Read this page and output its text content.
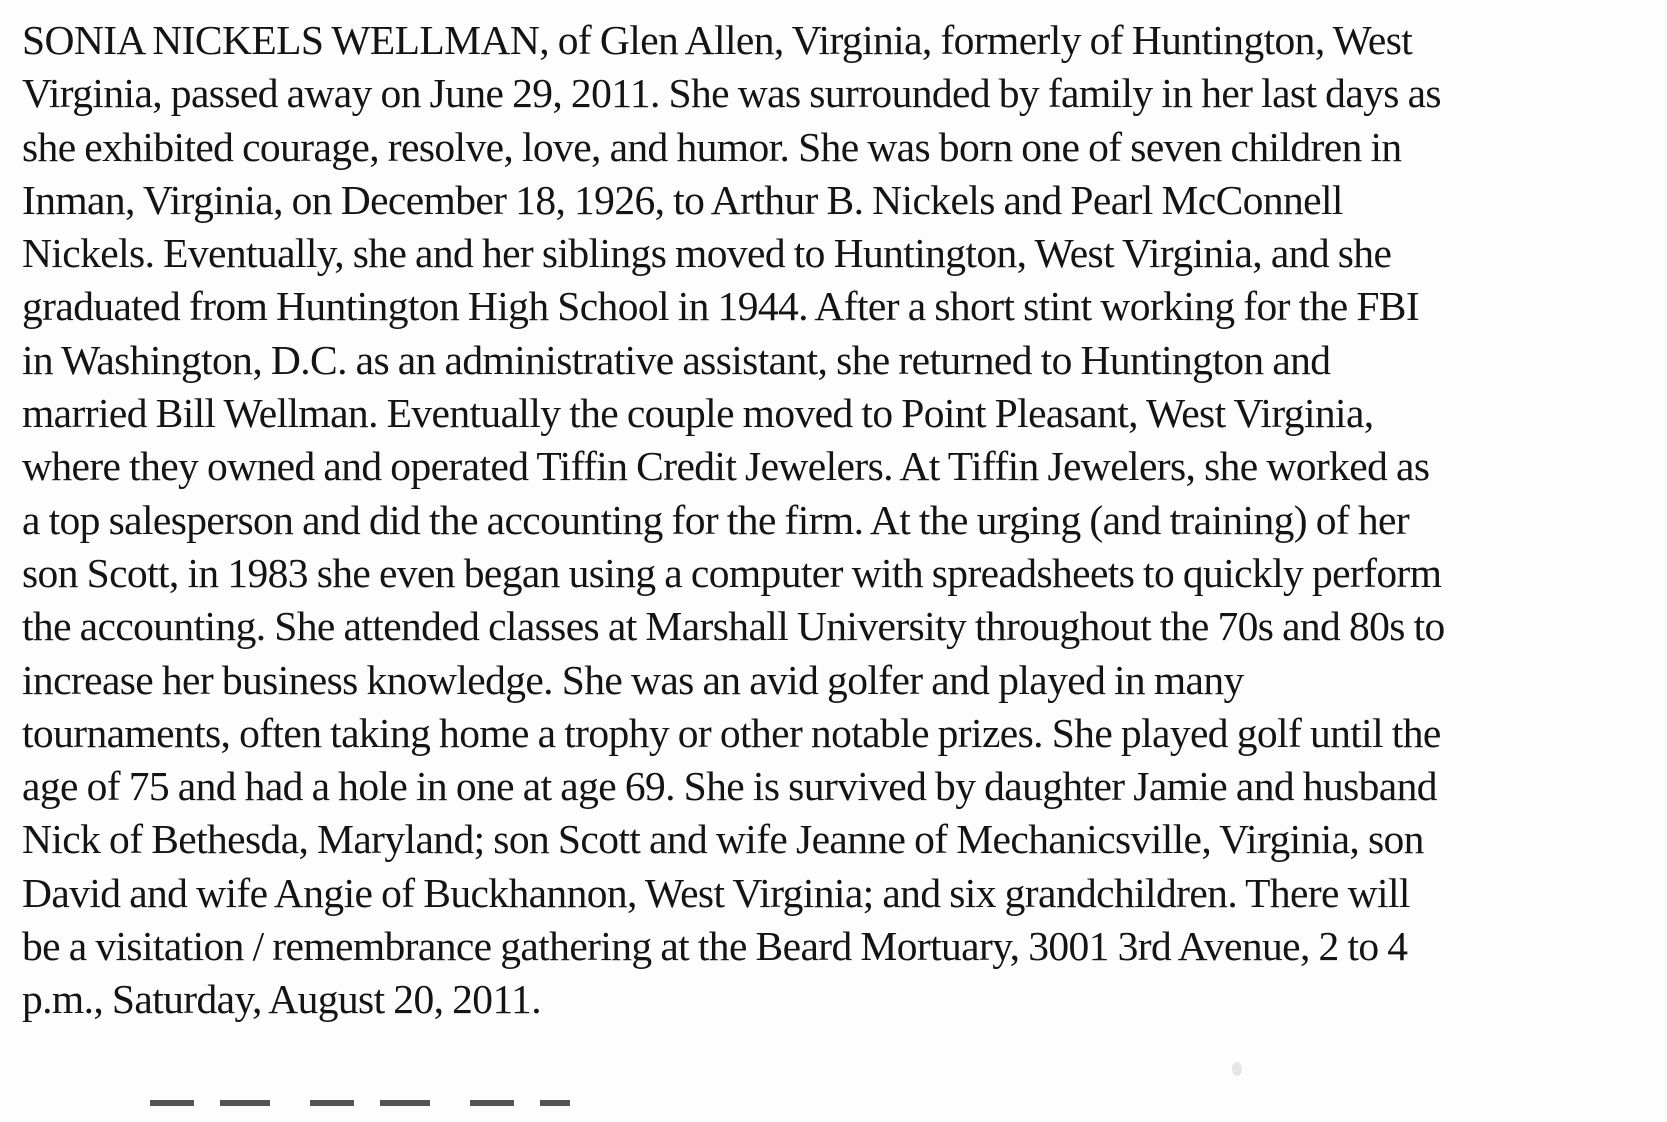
SONIA NICKELS WELLMAN, of Glen Allen, Virginia, formerly of Huntington, West
Virginia, passed away on June 29, 2011. She was surrounded by family in her last days as
she exhibited courage, resolve, love, and humor. She was born one of seven children in
Inman, Virginia, on December 18, 1926, to Arthur B. Nickels and Pearl McConnell
Nickels. Eventually, she and her siblings moved to Huntington, West Virginia, and she
graduated from Huntington High School in 1944. After a short stint working for the FBI
in Washington, D.C. as an administrative assistant, she returned to Huntington and
married Bill Wellman. Eventually the couple moved to Point Pleasant, West Virginia,
where they owned and operated Tiffin Credit Jewelers. At Tiffin Jewelers, she worked as
a top salesperson and did the accounting for the firm. At the urging (and training) of her
son Scott, in 1983 she even began using a computer with spreadsheets to quickly perform
the accounting. She attended classes at Marshall University throughout the 70s and 80s to
increase her business knowledge. She was an avid golfer and played in many
tournaments, often taking home a trophy or other notable prizes. She played golf until the
age of 75 and had a hole in one at age 69. She is survived by daughter Jamie and husband
Nick of Bethesda, Maryland; son Scott and wife Jeanne of Mechanicsville, Virginia, son
David and wife Angie of Buckhannon, West Virginia; and six grandchildren. There will
be a visitation / remembrance gathering at the Beard Mortuary, 3001 3rd Avenue, 2 to 4
p.m., Saturday, August 20, 2011.
